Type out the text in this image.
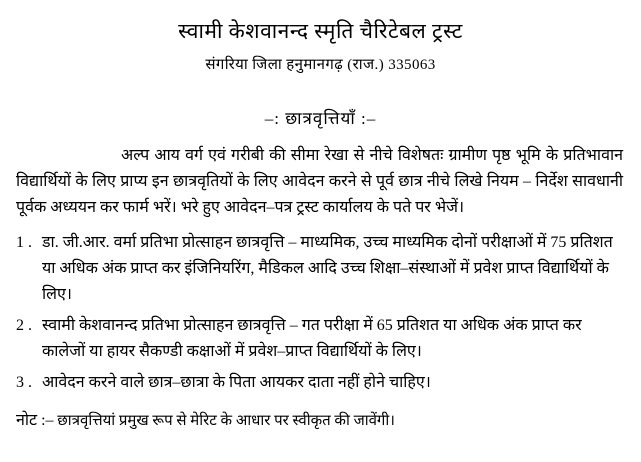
स्वामी केशवानन्द स्मृति चैरिटेबल ट्रस्ट
संगरिया जिला हनुमानगढ़ (राज.) 335063
–: छात्रवृत्तियाँ :–
अल्प आय वर्ग एवं गरीबी की सीमा रेखा से नीचे विशेषतः ग्रामीण पृष्ठ भूमि के प्रतिभावान विद्यार्थियों के लिए प्राप्य इन छात्रवृतियों के लिए आवेदन करने से पूर्व छात्र नीचे लिखे नियम – निर्देश सावधानी पूर्वक अध्ययन कर फार्म भरें। भरे हुए आवेदन–पत्र ट्रस्ट कार्यालय के पते पर भेजें।
1 . डा. जी.आर. वर्मा प्रतिभा प्रोत्साहन छात्रवृत्ति – माध्यमिक, उच्च माध्यमिक दोनों परीक्षाओं में 75 प्रतिशत या अधिक अंक प्राप्त कर इंजिनियरिंग, मैडिकल आदि उच्च शिक्षा–संस्थाओं में प्रवेश प्राप्त विद्यार्थियों के लिए।
2 . स्वामी केशवानन्द प्रतिभा प्रोत्साहन छात्रवृत्ति – गत परीक्षा में 65 प्रतिशत या अधिक अंक प्राप्त कर कालेजों या हायर सैकण्डी कक्षाओं में प्रवेश–प्राप्त विद्यार्थियों के लिए।
3 . आवेदन करने वाले छात्र–छात्रा के पिता आयकर दाता नहीं होने चाहिए।
नोट :– छात्रवृत्तियां प्रमुख रूप से मेरिट के आधार पर स्वीकृत की जावेंगी।
